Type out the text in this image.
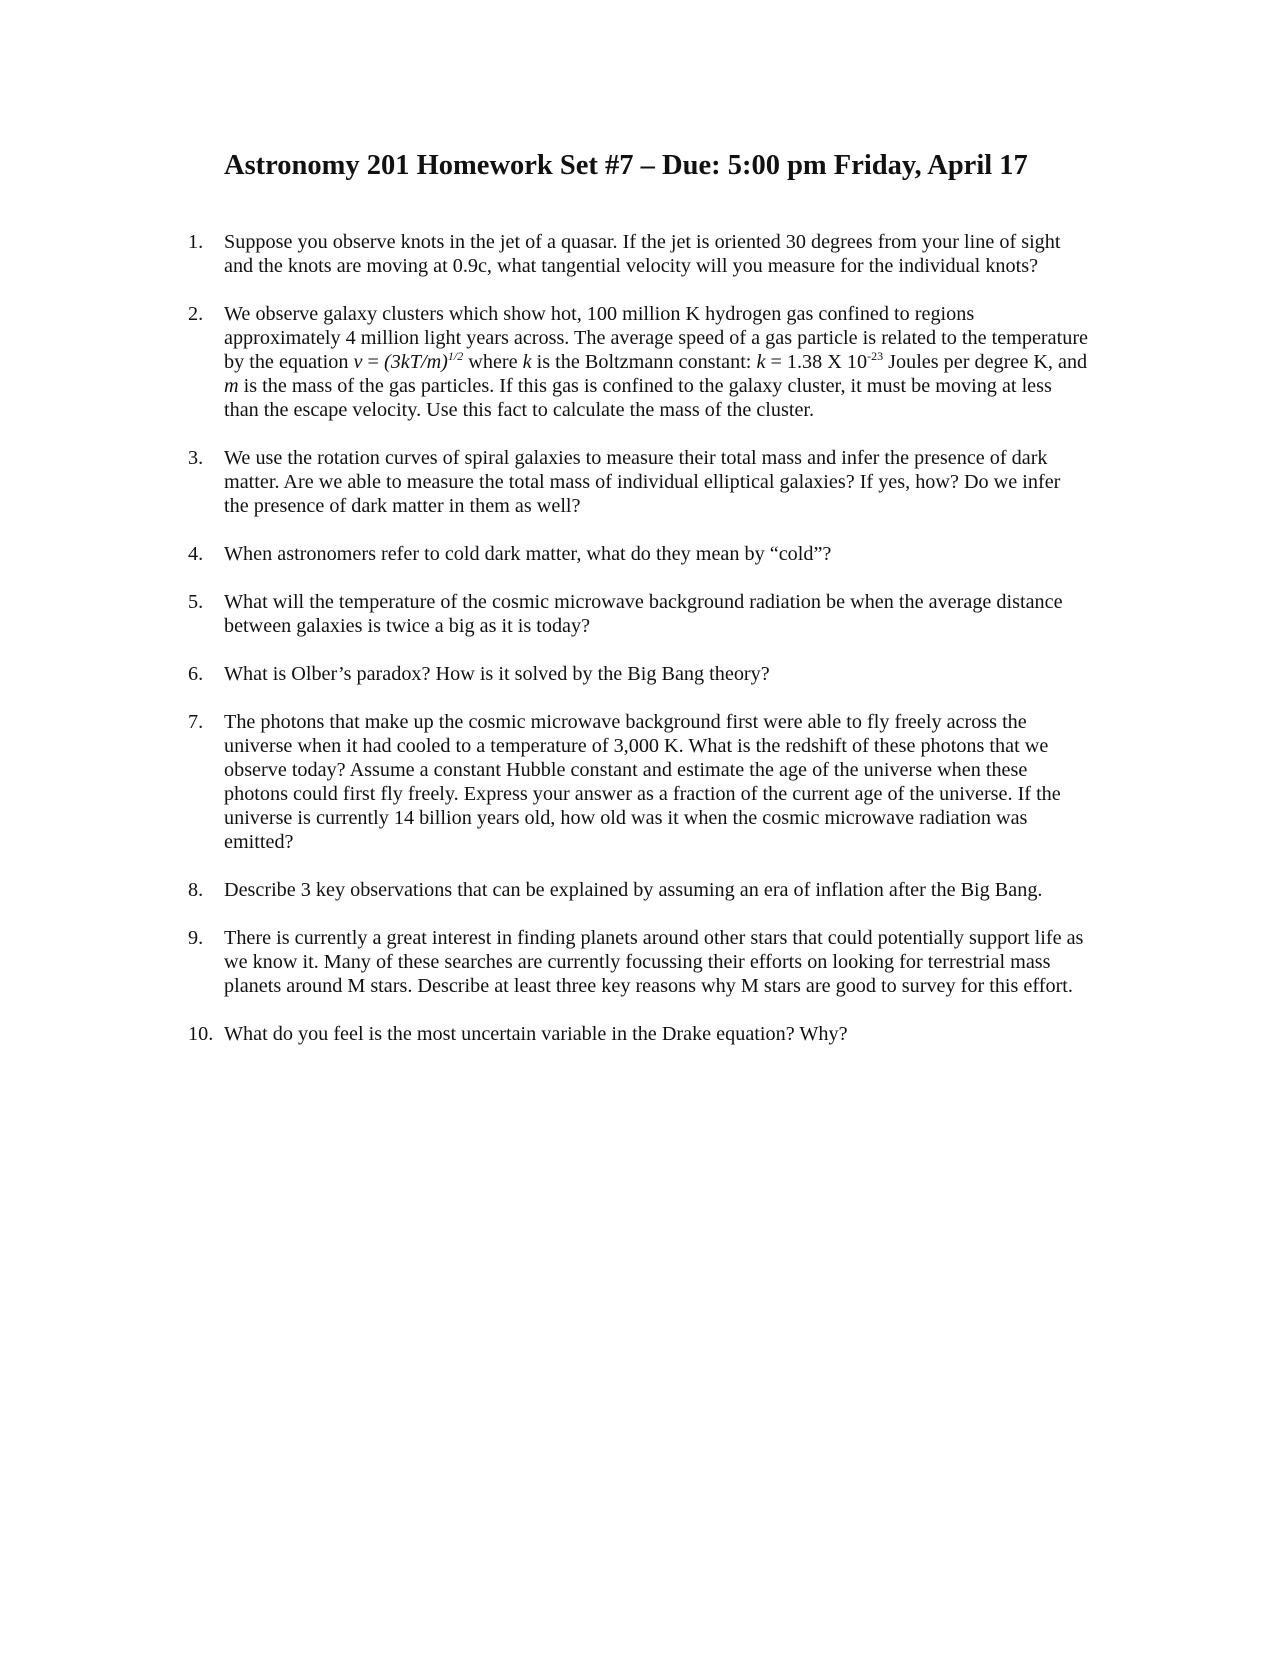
Astronomy 201 Homework Set #7 – Due: 5:00 pm Friday, April 17
1. Suppose you observe knots in the jet of a quasar. If the jet is oriented 30 degrees from your line of sight and the knots are moving at 0.9c, what tangential velocity will you measure for the individual knots?
2. We observe galaxy clusters which show hot, 100 million K hydrogen gas confined to regions approximately 4 million light years across. The average speed of a gas particle is related to the temperature by the equation $v = (3kT/m)^{1/2}$ where k is the Boltzmann constant: k = 1.38 X $10^{-23}$ Joules per degree K, and m is the mass of the gas particles. If this gas is confined to the galaxy cluster, it must be moving at less than the escape velocity. Use this fact to calculate the mass of the cluster.
3. We use the rotation curves of spiral galaxies to measure their total mass and infer the presence of dark matter. Are we able to measure the total mass of individual elliptical galaxies? If yes, how? Do we infer the presence of dark matter in them as well?
4. When astronomers refer to cold dark matter, what do they mean by “cold”?
5. What will the temperature of the cosmic microwave background radiation be when the average distance between galaxies is twice a big as it is today?
6. What is Olber’s paradox? How is it solved by the Big Bang theory?
7. The photons that make up the cosmic microwave background first were able to fly freely across the universe when it had cooled to a temperature of 3,000 K. What is the redshift of these photons that we observe today? Assume a constant Hubble constant and estimate the age of the universe when these photons could first fly freely. Express your answer as a fraction of the current age of the universe. If the universe is currently 14 billion years old, how old was it when the cosmic microwave radiation was emitted?
8. Describe 3 key observations that can be explained by assuming an era of inflation after the Big Bang.
9. There is currently a great interest in finding planets around other stars that could potentially support life as we know it. Many of these searches are currently focussing their efforts on looking for terrestrial mass planets around M stars. Describe at least three key reasons why M stars are good to survey for this effort.
10. What do you feel is the most uncertain variable in the Drake equation? Why?
